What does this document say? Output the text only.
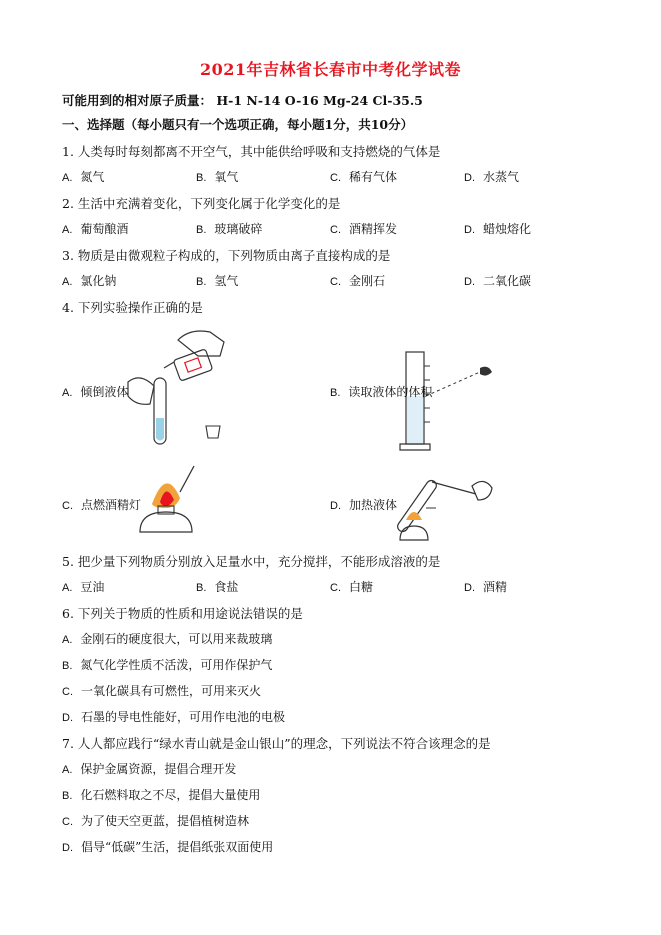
2021年吉林省长春市中考化学试卷
可能用到的相对原子质量： H-1 N-14 O-16 Mg-24 Cl-35.5
一、选择题（每小题只有一个选项正确，每小题1分，共10分）
1. 人类每时每刻都离不开空气，其中能供给呼吸和支持燃烧的气体是
A. 氮气	B. 氧气	C. 稀有气体	D. 水蒸气
2. 生活中充满着变化，下列变化属于化学变化的是
A. 葡萄酿酒	B. 玻璃破碎	C. 酒精挥发	D. 蜡烛熔化
3. 物质是由微观粒子构成的，下列物质由离子直接构成的是
A. 氯化钠	B. 氢气	C. 金刚石	D. 二氧化碳
4. 下列实验操作正确的是
A. 倾倒液体	B. 读取液体的体积
C. 点燃酒精灯	D. 加热液体
5. 把少量下列物质分别放入足量水中，充分搅拌，不能形成溶液的是
A. 豆油	B. 食盐	C. 白糖	D. 酒精
6. 下列关于物质的性质和用途说法错误的是
A. 金刚石的硬度很大，可以用来裁玻璃
B. 氮气化学性质不活泼，可用作保护气
C. 一氧化碳具有可燃性，可用来灭火
D. 石墨的导电性能好，可用作电池的电极
7. 人人都应践行“绿水青山就是金山银山”的理念，下列说法不符合该理念的是
A. 保护金属资源，提倡合理开发
B. 化石燃料取之不尽，提倡大量使用
C. 为了使天空更蓝，提倡植树造林
D. 倡导“低碳”生活，提倡纸张双面使用
